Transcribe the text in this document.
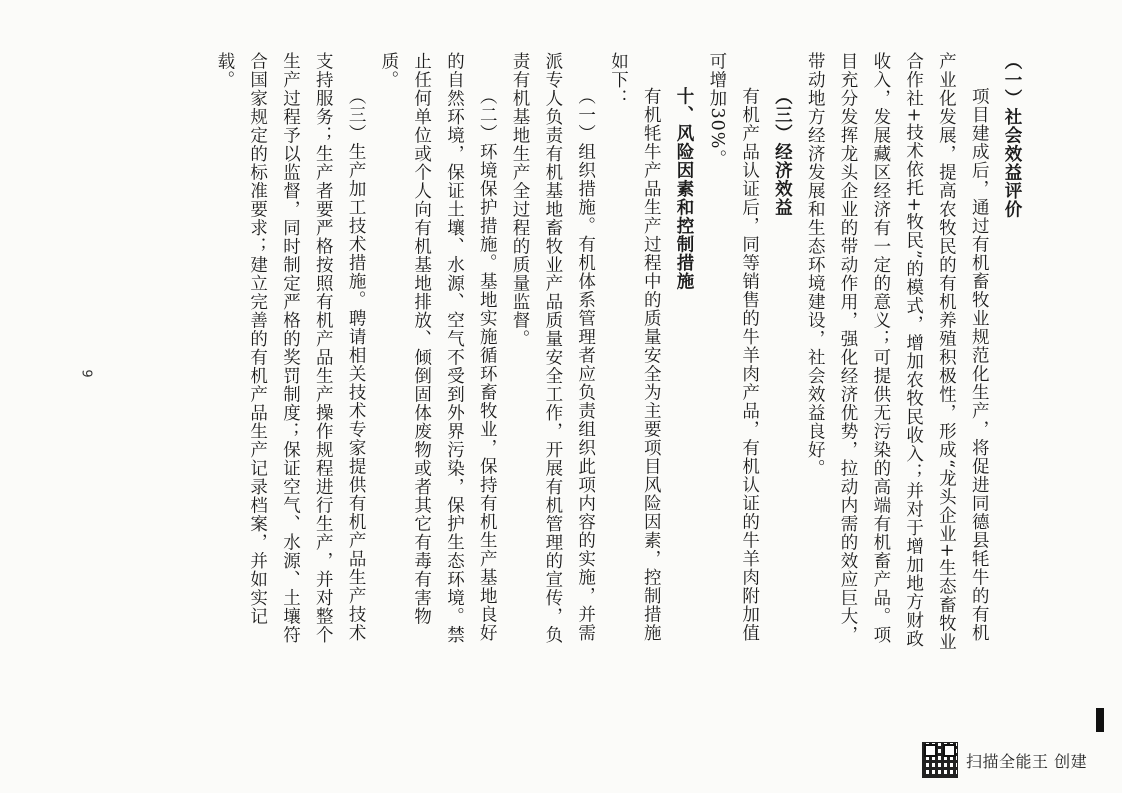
（一）社会效益评价

项目建成后，通过有机畜牧业规范化生产，将促进同德县牦牛的有机产业化发展，提高农牧民的有机养殖积极性，形成“龙头企业+生态畜牧业合作社+技术依托+牧民”的模式，增加农牧民收入；并对于增加地方财政收入，发展藏区经济有一定的意义；可提供无污染的高端有机畜产品。项目充分发挥龙头企业的带动作用，强化经济优势，拉动内需的效应巨大，带动地方经济发展和生态环境建设，社会效益良好。

（三）经济效益

有机产品认证后，同等销售的牛羊肉产品，有机认证的牛羊肉附加值可增加30%。

十、风险因素和控制措施

有机牦牛产品生产过程中的质量安全为主要项目风险因素，控制措施如下：

（一）组织措施。有机体系管理者应负责组织此项内容的实施，并需派专人负责有机基地畜牧业产品质量安全工作，开展有机管理的宣传，负责有机基地生产全过程的质量监督。

（二）环境保护措施。基地实施循环畜牧业，保持有机生产基地良好的自然环境，保证土壤、水源、空气不受到外界污染，保护生态环境。禁止任何单位或个人向有机基地排放、倾倒固体废物或者其它有毒有害物质。

（三）生产加工技术措施。聘请相关技术专家提供有机产品生产技术支持服务；生产者要严格按照有机产品生产操作规程进行生产，并对整个生产过程予以监督，同时制定严格的奖罚制度；保证空气、水源、土壤符合国家规定的标准要求；建立完善的有机产品生产记录档案，并如实记载。

9
扫描全能王 创建
